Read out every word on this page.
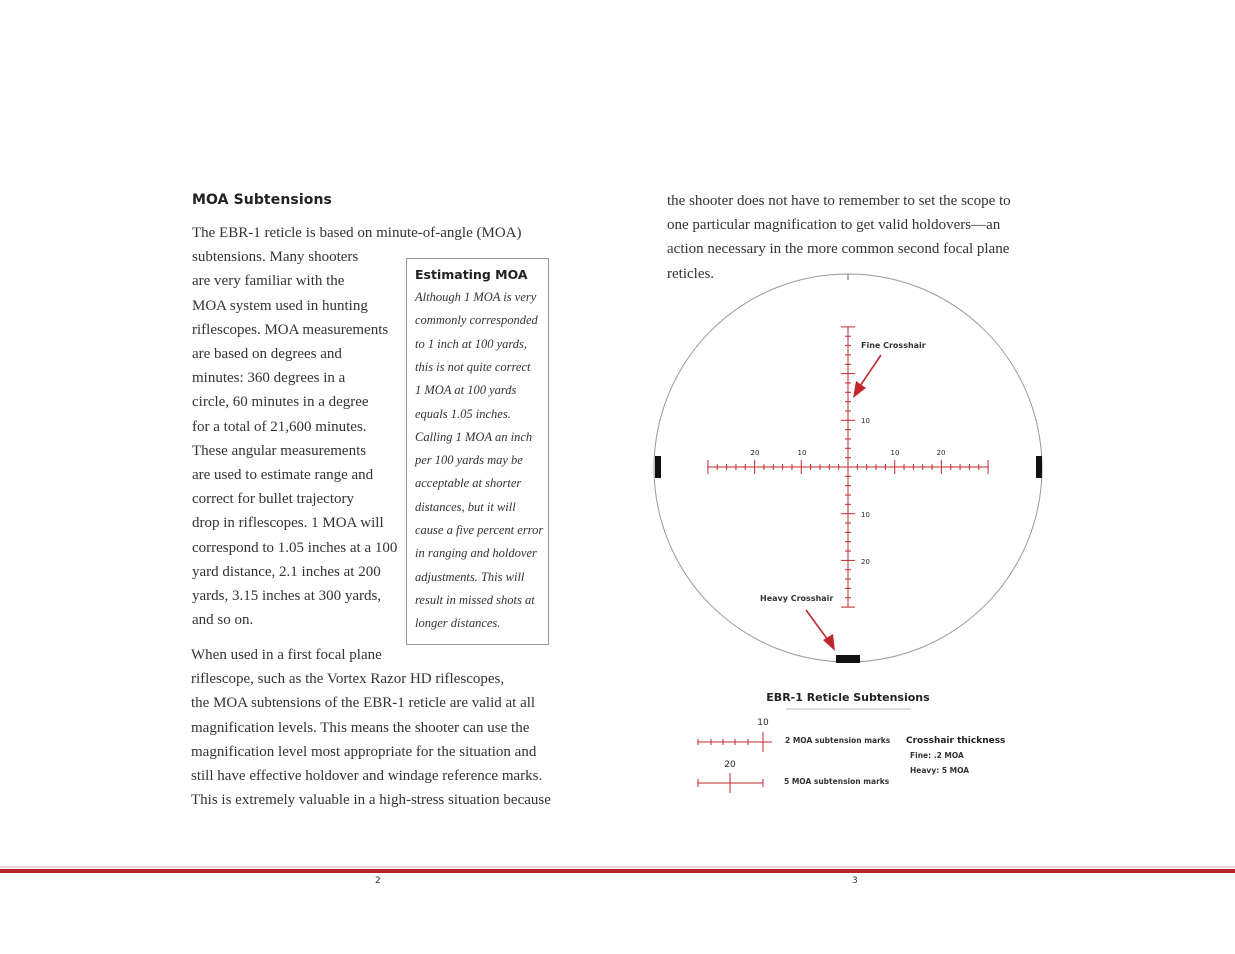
MOA Subtensions
The EBR-1 reticle is based on minute-of-angle (MOA)
subtensions. Many shooters
are very familiar with the
MOA system used in hunting
riflescopes. MOA measurements
are based on degrees and
minutes: 360 degrees in a
circle, 60 minutes in a degree
for a total of 21,600 minutes.
These angular measurements
are used to estimate range and
correct for bullet trajectory
drop in riflescopes. 1 MOA will
correspond to 1.05 inches at a 100
yard distance, 2.1 inches at 200
yards, 3.15 inches at 300 yards,
and so on.
Estimating MOA
Although 1 MOA is very
commonly corresponded
to 1 inch at 100 yards,
this is not quite correct
1 MOA at 100 yards
equals 1.05 inches.
Calling 1 MOA an inch
per 100 yards may be
acceptable at shorter
distances, but it will
cause a five percent error
in ranging and holdover
adjustments. This will
result in missed shots at
longer distances.
When used in a first focal plane
riflescope, such as the Vortex Razor HD riflescopes,
the MOA subtensions of the EBR-1 reticle are valid at all
magnification levels. This means the shooter can use the
magnification level most appropriate for the situation and
still have effective holdover and windage reference marks.
This is extremely valuable in a high-stress situation because
the shooter does not have to remember to set the scope to
one particular magnification to get valid holdovers—an
action necessary in the more common second focal plane
reticles.
20	10	10	20
10
10
20
Fine Crosshair
Heavy Crosshair
EBR-1 Reticle Subtensions
10
2 MOA subtension marks
20
5 MOA subtension marks
Crosshair thickness
Fine: .2 MOA
Heavy: 5 MOA
2	3
